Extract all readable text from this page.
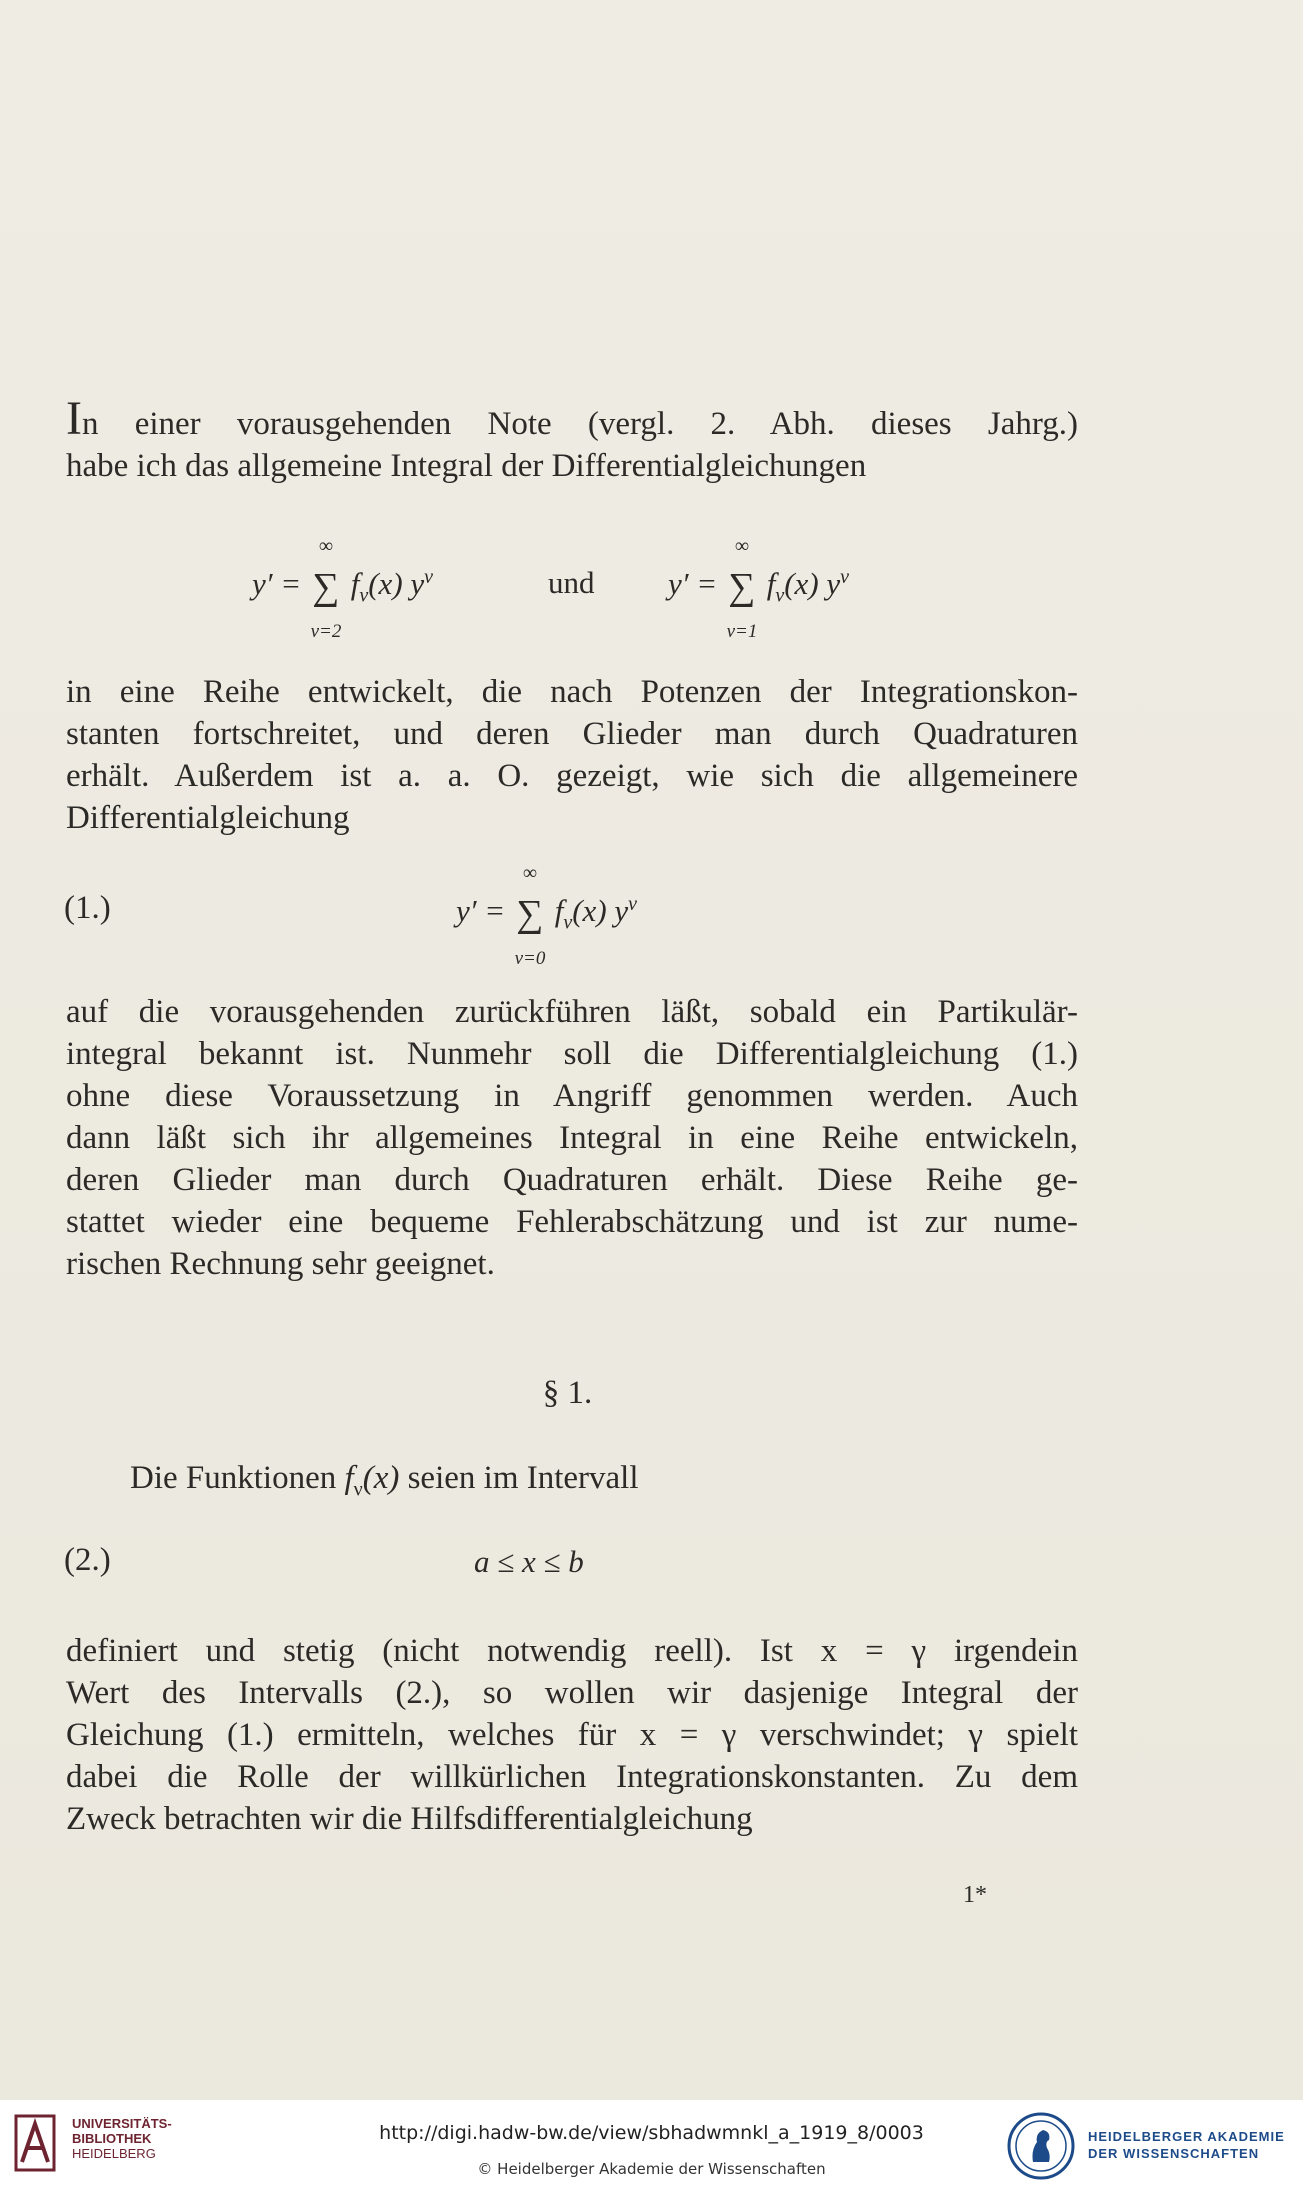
In einer vorausgehenden Note (vergl. 2. Abh. dieses Jahrg.)
habe ich das allgemeine Integral der Differentialgleichungen
y′ =
∞
∑
ν=2
$f_\nu(x)$ $y^\nu$	und y′ =
∞
∑
ν=1
$f_\nu(x)$ $y^\nu$
in eine Reihe entwickelt, die nach Potenzen der Integrationskon-
stanten fortschreitet, und deren Glieder man durch Quadraturen
erhält. Außerdem ist a. a. O. gezeigt, wie sich die allgemeinere
Differentialgleichung
(1.)	y′ =
∞
∑
ν=0
$f_\nu(x)$ $y^\nu$
auf die vorausgehenden zurückführen läßt, sobald ein Partikulär-
integral bekannt ist. Nunmehr soll die Differentialgleichung (1.)
ohne diese Voraussetzung in Angriff genommen werden. Auch
dann läßt sich ihr allgemeines Integral in eine Reihe entwickeln,
deren Glieder man durch Quadraturen erhält. Diese Reihe ge-
stattet wieder eine bequeme Fehlerabschätzung und ist zur nume-
rischen Rechnung sehr geeignet.
§ 1.
Die Funktionen $f_\nu(x)$ seien im Intervall
(2.)	a ≤ x ≤ b
definiert und stetig (nicht notwendig reell). Ist x = γ irgendein
Wert des Intervalls (2.), so wollen wir dasjenige Integral der
Gleichung (1.) ermitteln, welches für x = γ verschwindet; γ spielt
dabei die Rolle der willkürlichen Integrationskonstanten. Zu dem
Zweck betrachten wir die Hilfsdifferentialgleichung
1*
UNIVERSITÄTS-
BIBLIOTHEK
HEIDELBERG
http://digi.hadw-bw.de/view/sbhadwmnkl_a_1919_8/0003
© Heidelberger Akademie der Wissenschaften
HEIDELBERGER AKADEMIE
DER WISSENSCHAFTEN
